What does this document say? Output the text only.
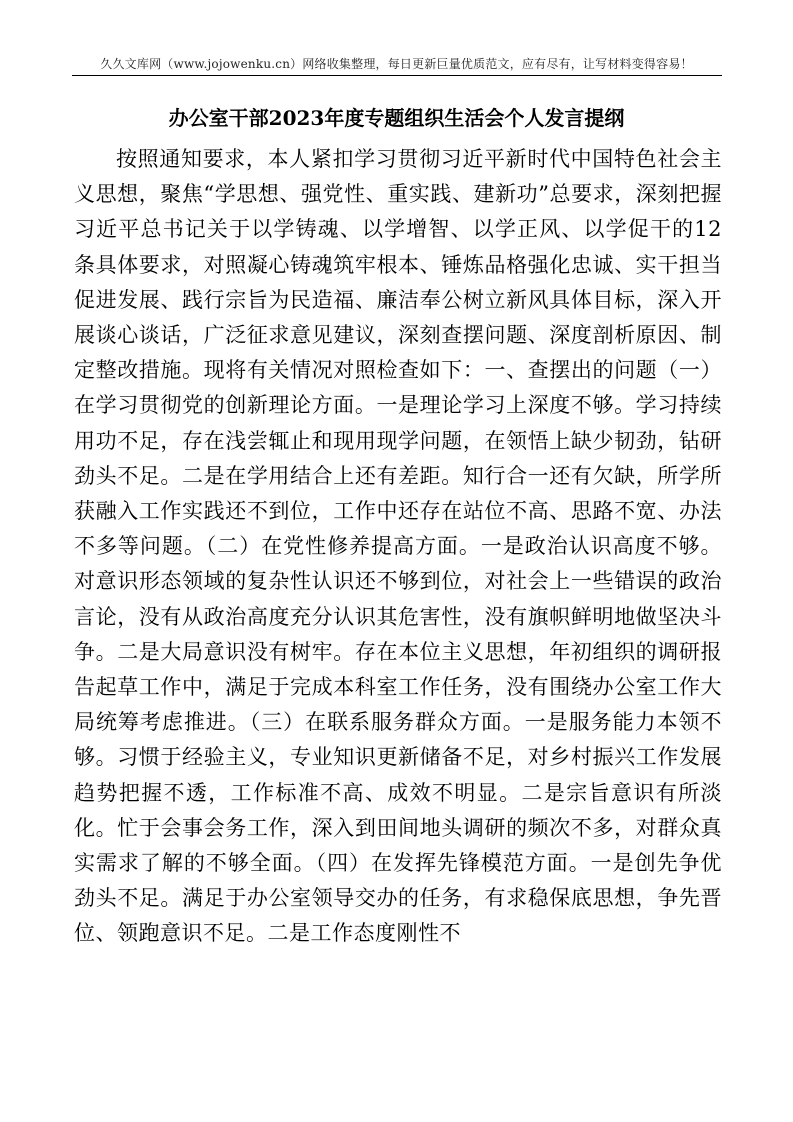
久久文库网（www.jojowenku.cn）网络收集整理，每日更新巨量优质范文，应有尽有，让写材料变得容易！
办公室干部2023年度专题组织生活会个人发言提纲

按照通知要求，本人紧扣学习贯彻习近平新时代中国特色社会主义思想，聚焦“学思想、强党性、重实践、建新功”总要求，深刻把握习近平总书记关于以学铸魂、以学增智、以学正风、以学促干的12条具体要求，对照凝心铸魂筑牢根本、锤炼品格强化忠诚、实干担当促进发展、践行宗旨为民造福、廉洁奉公树立新风具体目标，深入开展谈心谈话，广泛征求意见建议，深刻查摆问题、深度剖析原因、制定整改措施。现将有关情况对照检查如下：一、查摆出的问题（一）在学习贯彻党的创新理论方面。一是理论学习上深度不够。学习持续用功不足，存在浅尝辄止和现用现学问题，在领悟上缺少韧劲，钻研劲头不足。二是在学用结合上还有差距。知行合一还有欠缺，所学所获融入工作实践还不到位，工作中还存在站位不高、思路不宽、办法不多等问题。（二）在党性修养提高方面。一是政治认识高度不够。对意识形态领域的复杂性认识还不够到位，对社会上一些错误的政治言论，没有从政治高度充分认识其危害性，没有旗帜鲜明地做坚决斗争。二是大局意识没有树牢。存在本位主义思想，年初组织的调研报告起草工作中，满足于完成本科室工作任务，没有围绕办公室工作大局统筹考虑推进。（三）在联系服务群众方面。一是服务能力本领不够。习惯于经验主义，专业知识更新储备不足，对乡村振兴工作发展趋势把握不透，工作标准不高、成效不明显。二是宗旨意识有所淡化。忙于会事会务工作，深入到田间地头调研的频次不多，对群众真实需求了解的不够全面。（四）在发挥先锋模范方面。一是创先争优劲头不足。满足于办公室领导交办的任务，有求稳保底思想，争先晋位、领跑意识不足。二是工作态度刚性不
